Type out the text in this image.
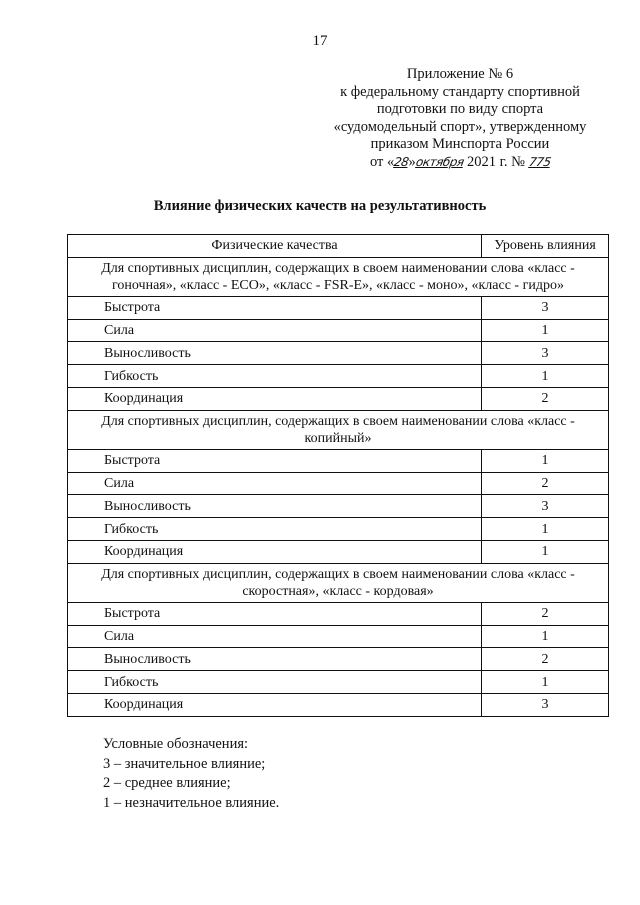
17
Приложение № 6
к федеральному стандарту спортивной
подготовки по виду спорта
«судомодельный спорт», утвержденному
приказом Минспорта России
от «28»октября 2021 г. № 775
Влияние физических качеств на результативность
Физические качества	Уровень влияния
Для спортивных дисциплин, содержащих в своем наименовании слова «класс - гоночная», «класс - ЕСО», «класс - FSR-E», «класс - моно», «класс - гидро»	
Быстрота	3
Сила	1
Выносливость	3
Гибкость	1
Координация	2
Для спортивных дисциплин, содержащих в своем наименовании слова «класс - копийный»	
Быстрота	1
Сила	2
Выносливость	3
Гибкость	1
Координация	1
Для спортивных дисциплин, содержащих в своем наименовании слова «класс - скоростная», «класс - кордовая»	
Быстрота	2
Сила	1
Выносливость	2
Гибкость	1
Координация	3
Условные обозначения:
3 – значительное влияние;
2 – среднее влияние;
1 – незначительное влияние.
